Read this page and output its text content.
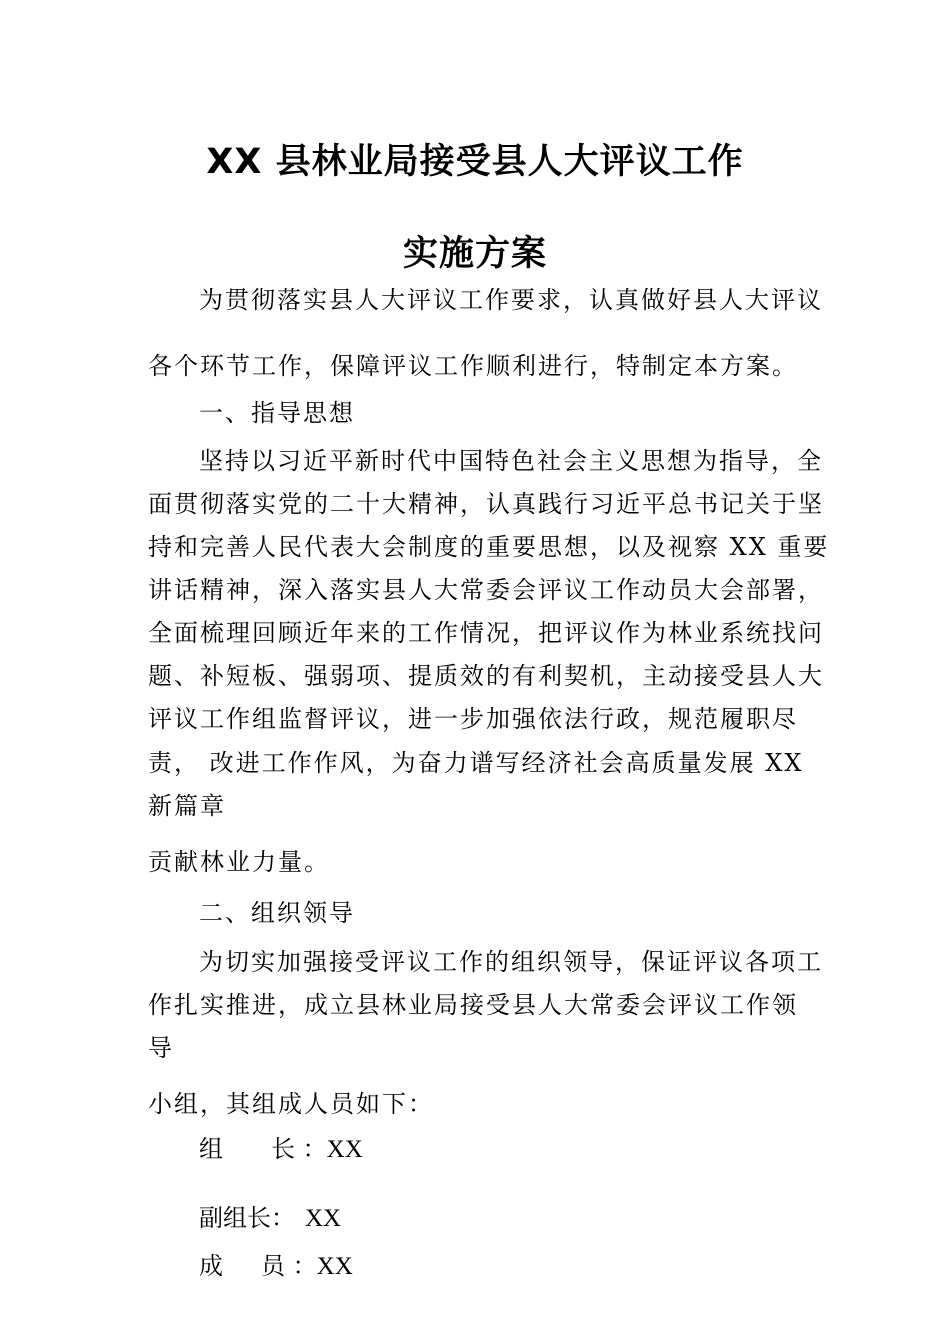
XX 县林业局接受县人大评议工作
实施方案

为贯彻落实县人大评议工作要求，认真做好县人大评议

各个环节工作，保障评议工作顺利进行，特制定本方案。

一、指导思想

坚持以习近平新时代中国特色社会主义思想为指导，全

面贯彻落实党的二十大精神，认真践行习近平总书记关于坚

持和完善人民代表大会制度的重要思想，以及视察 XX 重要

讲话精神，深入落实县人大常委会评议工作动员大会部署，

全面梳理回顾近年来的工作情况，把评议作为林业系统找问

题、补短板、强弱项、提质效的有利契机，主动接受县人大

评议工作组监督评议，进一步加强依法行政，规范履职尽

责， 改进工作作风，为奋力谱写经济社会高质量发展 XX

新篇章

贡献林业力量。

二、组织领导

为切实加强接受评议工作的组织领导，保证评议各项工

作扎实推进，成立县林业局接受县人大常委会评议工作领

导

小组，其组成人员如下：

组 长 ：XX
副组长： XX
成 员 ：XX
